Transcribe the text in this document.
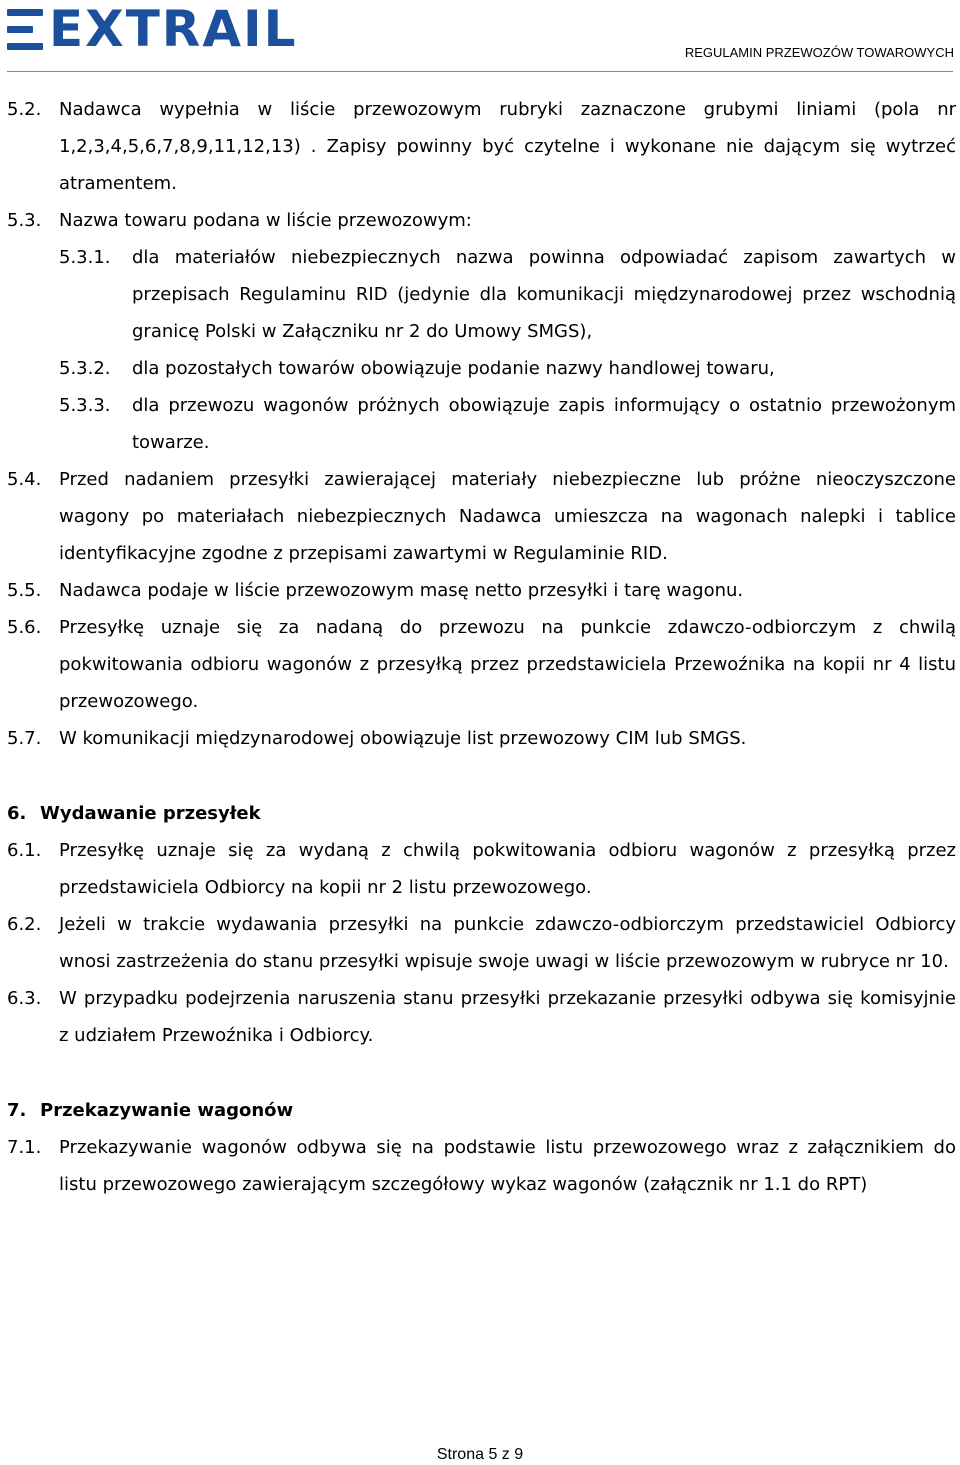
EXTRAIL	REGULAMIN PRZEWOZÓW TOWAROWYCH
5.2. Nadawca wypełnia w liście przewozowym rubryki zaznaczone grubymi liniami (pola nr 1,2,3,4,5,6,7,8,9,11,12,13) . Zapisy powinny być czytelne i wykonane nie dającym się wytrzeć atramentem.
5.3. Nazwa towaru podana w liście przewozowym:
5.3.1. dla materiałów niebezpiecznych nazwa powinna odpowiadać zapisom zawartych w przepisach Regulaminu RID (jedynie dla komunikacji międzynarodowej przez wschodnią granicę Polski w Załączniku nr 2 do Umowy SMGS),
5.3.2. dla pozostałych towarów obowiązuje podanie nazwy handlowej towaru,
5.3.3. dla przewozu wagonów próżnych obowiązuje zapis informujący o ostatnio przewożonym towarze.
5.4. Przed nadaniem przesyłki zawierającej materiały niebezpieczne lub próżne nieoczyszczone wagony po materiałach niebezpiecznych Nadawca umieszcza na wagonach nalepki i tablice identyfikacyjne zgodne z przepisami zawartymi w Regulaminie RID.
5.5. Nadawca podaje w liście przewozowym masę netto przesyłki i tarę wagonu.
5.6. Przesyłkę uznaje się za nadaną do przewozu na punkcie zdawczo-odbiorczym z chwilą pokwitowania odbioru wagonów z przesyłką przez przedstawiciela Przewoźnika na kopii nr 4 listu przewozowego.
5.7. W komunikacji międzynarodowej obowiązuje list przewozowy CIM lub SMGS.
6. Wydawanie przesyłek
6.1. Przesyłkę uznaje się za wydaną z chwilą pokwitowania odbioru wagonów z przesyłką przez przedstawiciela Odbiorcy na kopii nr 2 listu przewozowego.
6.2. Jeżeli w trakcie wydawania przesyłki na punkcie zdawczo-odbiorczym przedstawiciel Odbiorcy wnosi zastrzeżenia do stanu przesyłki wpisuje swoje uwagi w liście przewozowym w rubryce nr 10.
6.3. W przypadku podejrzenia naruszenia stanu przesyłki przekazanie przesyłki odbywa się komisyjnie z udziałem Przewoźnika i Odbiorcy.
7. Przekazywanie wagonów
7.1. Przekazywanie wagonów odbywa się na podstawie listu przewozowego wraz z załącznikiem do listu przewozowego zawierającym szczegółowy wykaz wagonów (załącznik nr 1.1 do RPT)
Strona 5 z 9
